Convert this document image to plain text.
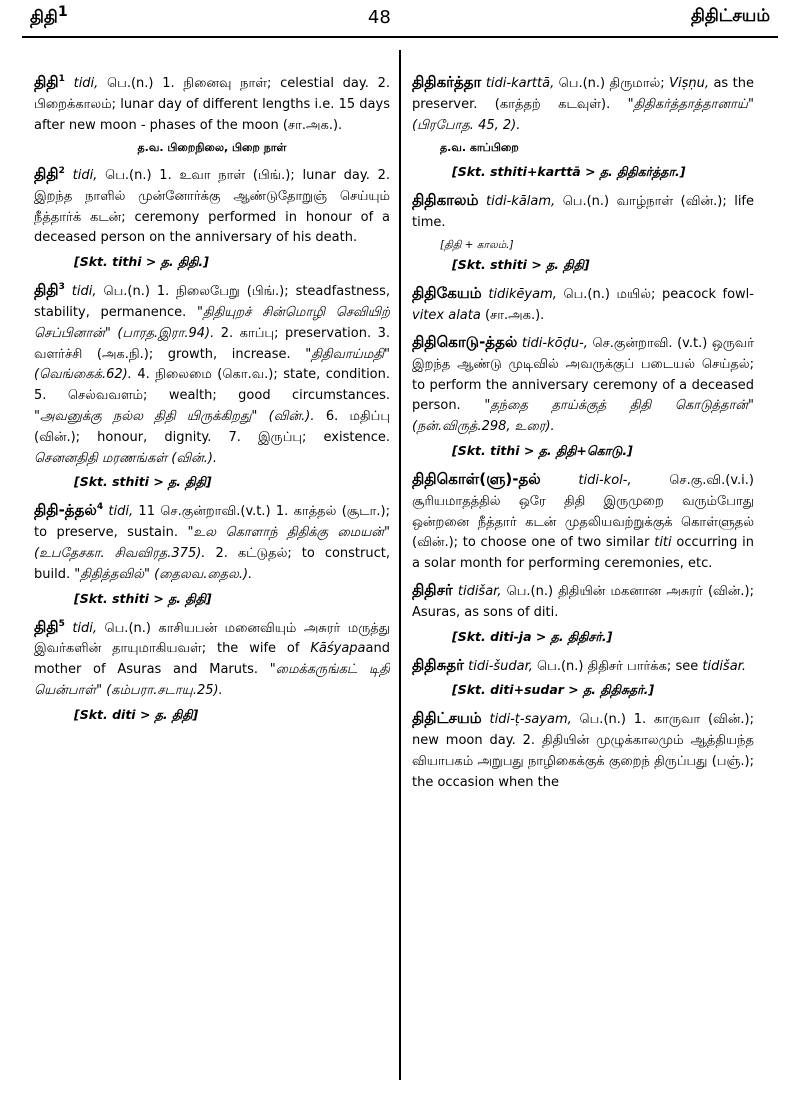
திதி$^1$	48	திதிட்சயம்

திதி$^1$ tidi, பெ.(n.) 1. நினைவு நாள்; celestial day. 2. பிறைக்காலம்; lunar day of different lengths i.e. 15 days after new moon - phases of the moon (சா.அக.).

த.வ. பிறைநிலை, பிறை நாள்

திதி$^2$ tidi, பெ.(n.) 1. உவா நாள் (பிங்.); lunar day. 2. இறந்த நாளில் முன்னோர்க்கு ஆண்டுதோறுஞ் செய்யும் நீத்தார்க் கடன்; ceremony performed in honour of a deceased person on the anniversary of his death.

[Skt. tithi > த. திதி.]

திதி$^3$ tidi, பெ.(n.) 1. நிலைபேறு (பிங்.); steadfastness, stability, permanence. "திதியுறச் சின்மொழி செவியிற் செப்பினான்" (பாரத.இரா.94). 2. காப்பு; preservation. 3. வளர்ச்சி (அக.நி.); growth, increase. "திதிவாய்மதி" (வெங்கைக்.62). 4. நிலைமை (கொ.வ.); state, condition. 5. செல்வவளம்; wealth; good circumstances. "அவனுக்கு நல்ல திதி யிருக்கிறது" (வின்.). 6. மதிப்பு (வின்.); honour, dignity. 7. இருப்பு; existence. செனனதிதி மரணங்கள் (வின்.).

[Skt. sthiti > த. திதி]

திதி-த்தல்$^4$ tidi, 11 செ.குன்றாவி.(v.t.) 1. காத்தல் (சூடா.); to preserve, sustain. "உல கொளாந் திதிக்கு மையன்" (உபதேசகா. சிவவிரத.375). 2. கட்டுதல்; to construct, build. "திதித்தவில்" (தைலவ.தைல.).

[Skt. sthiti > த. திதி]

திதி$^5$ tidi, பெ.(n.) காசியபன் மனைவியும் அசுரர் மருத்து இவர்களின் தாயுமாகியவள்; the wife of Kāśyapaand mother of Asuras and Maruts. "மைக்கருங்கட் டிதி யென்பாள்" (கம்பரா.சடாயு.25).

[Skt. diti > த. திதி]

திதிகர்த்தா tidi-karttā, பெ.(n.) திருமால்; Viṣṇu, as the preserver. (காத்தற் கடவுள்). "திதிகர்த்தாத்தானாய்" (பிரபோத. 45, 2).

த.வ. காப்பிறை
[Skt. sthiti+karttā > த. திதிகர்த்தா.]

திதிகாலம் tidi-kālam, பெ.(n.) வாழ்நாள் (வின்.); life time.

[திதி + காலம்.]
[Skt. sthiti > த. திதி]

திதிகேயம் tidikēyam, பெ.(n.) மயில்; peacock fowl-vitex alata (சா.அக.).

திதிகொடு-த்தல் tidi-kōḍu-, செ.குன்றாவி. (v.t.) ஒருவர் இறந்த ஆண்டு முடிவில் அவருக்குப் படையல் செய்தல்; to perform the anniversary ceremony of a deceased person. "தந்தை தாய்க்குத் திதி கொடுத்தான்" (நன்.விருத்.298, உரை).

[Skt. tithi > த. திதி+கொடு.]

திதிகொள்(ளு)-தல்	tidi-kol-,	செ.கு.வி.(v.i.) சூரியமாதத்தில் ஒரே திதி இருமுறை வரும்போது ஒன்றனை நீத்தார் கடன் முதலியவற்றுக்குக் கொள்ளுதல் (வின்.); to choose one of two similar titi occurring in a solar month for performing ceremonies, etc.

திதிசர் tidišar, பெ.(n.) திதியின் மகனான அசுரர் (வின்.); Asuras, as sons of diti.

[Skt. diti-ja > த. திதிசர்.]

திதிசுதர் tidi-šudar, பெ.(n.) திதிசர் பார்க்க; see tidišar.

[Skt. diti+sudar > த. திதிசுதர்.]

திதிட்சயம் tidi-ṭ-sayam, பெ.(n.) 1. காருவா (வின்.); new moon day. 2. திதியின் முழுக்காலமும் ஆத்தியந்த வியாபகம் அறுபது நாழிகைக்குக் குறைந் திருப்பது (பஞ்.); the occasion when the
